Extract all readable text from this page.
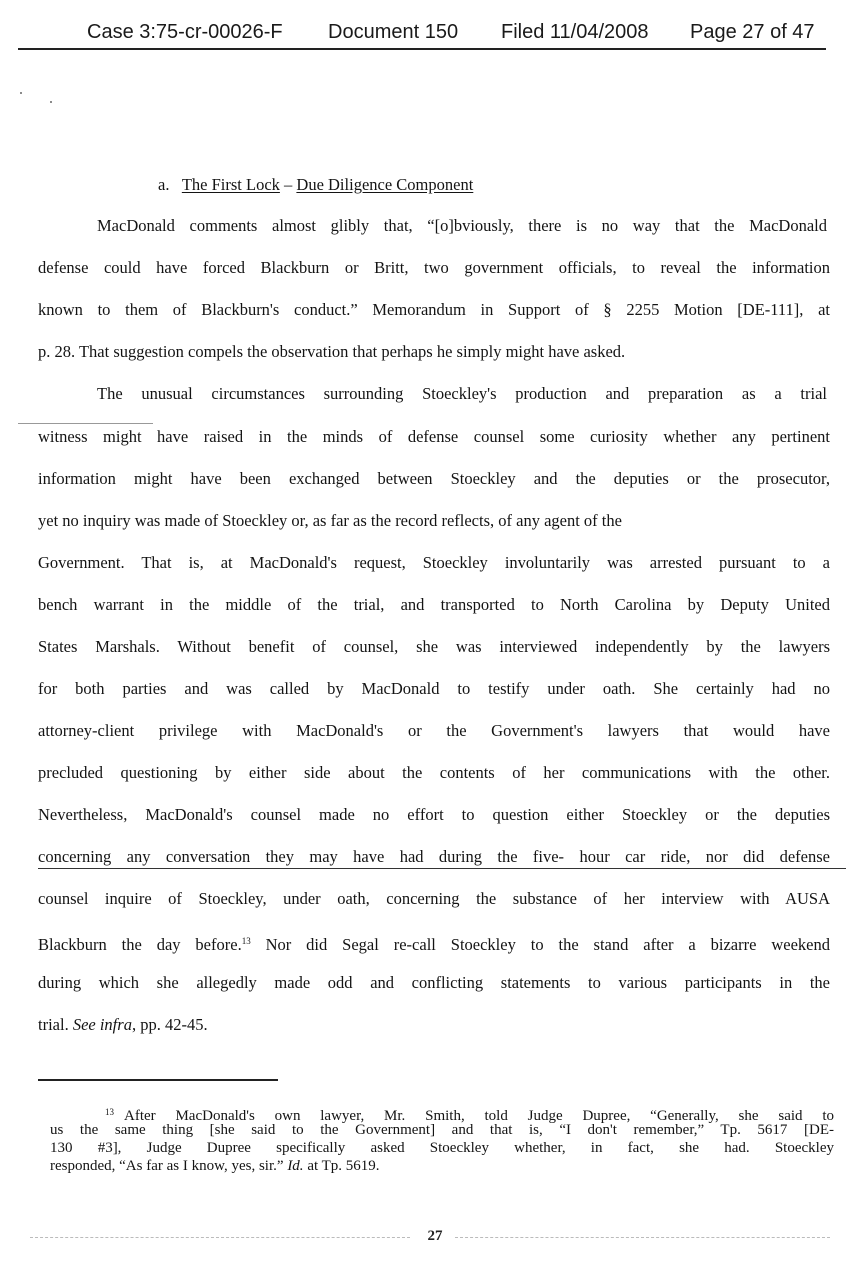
Case 3:75-cr-00026-F Document 150 Filed 11/04/2008 Page 27 of 47
a. The First Lock – Due Diligence Component
MacDonald comments almost glibly that, “[o]bviously, there is no way that the MacDonald
defense could have forced Blackburn or Britt, two government officials, to reveal the information
known to them of Blackburn's conduct.” Memorandum in Support of § 2255 Motion [DE-111], at
p. 28. That suggestion compels the observation that perhaps he simply might have asked.
The unusual circumstances surrounding Stoeckley's production and preparation as a trial
witness might have raised in the minds of defense counsel some curiosity whether any pertinent
information might have been exchanged between Stoeckley and the deputies or the prosecutor,
yet no inquiry was made of Stoeckley or, as far as the record reflects, of any agent of the
Government. That is, at MacDonald's request, Stoeckley involuntarily was arrested pursuant to a
bench warrant in the middle of the trial, and transported to North Carolina by Deputy United
States Marshals. Without benefit of counsel, she was interviewed independently by the lawyers
for both parties and was called by MacDonald to testify under oath. She certainly had no
attorney-client privilege with MacDonald's or the Government's lawyers that would have
precluded questioning by either side about the contents of her communications with the other.
Nevertheless, MacDonald's counsel made no effort to question either Stoeckley or the deputies
concerning any conversation they may have had during the five- hour car ride, nor did defense
counsel inquire of Stoeckley, under oath, concerning the substance of her interview with AUSA
Blackburn the day before.$^{13}$ Nor did Segal re-call Stoeckley to the stand after a bizarre weekend
during which she allegedly made odd and conflicting statements to various participants in the
trial. See infra, pp. 42-45.
$^{13}$ After MacDonald's own lawyer, Mr. Smith, told Judge Dupree, “Generally, she said to
us the same thing [she said to the Government] and that is, “I don't remember,” Tp. 5617 [DE-
130 #3], Judge Dupree specifically asked Stoeckley whether, in fact, she had. Stoeckley
responded, “As far as I know, yes, sir.” Id. at Tp. 5619.
27
